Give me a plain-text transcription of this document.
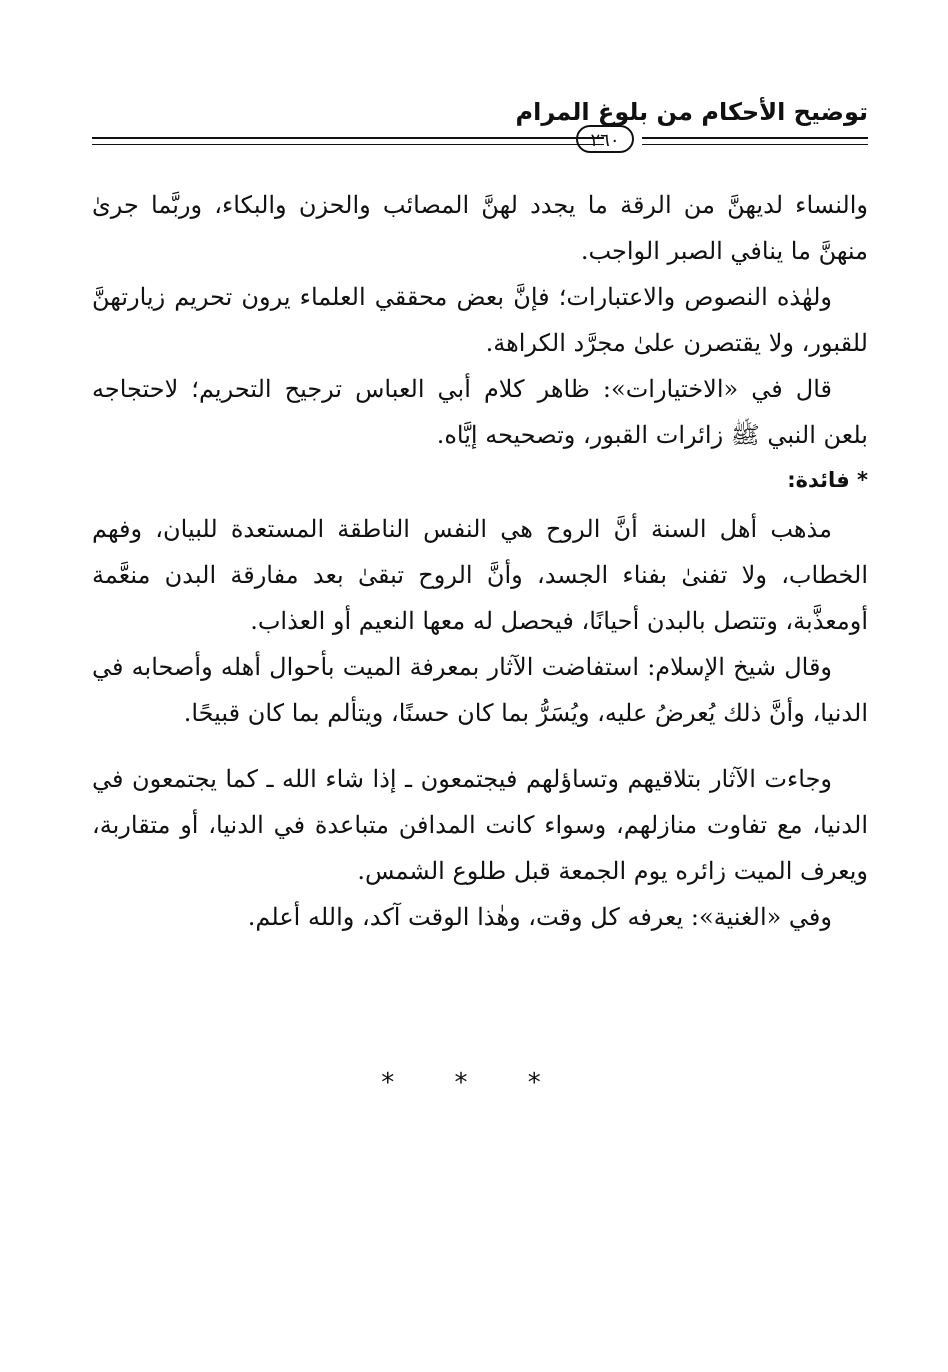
توضيح الأحكام من بلوغ المرام
٢٦٠

والنساء لديهنَّ من الرقة ما يجدد لهنَّ المصائب والحزن والبكاء، وربَّما جرىٰ منهنَّ ما ينافي الصبر الواجب.

ولهٰذه النصوص والاعتبارات؛ فإنَّ بعض محققي العلماء يرون تحريم زيارتهنَّ للقبور، ولا يقتصرن علىٰ مجرَّد الكراهة.

قال في «الاختيارات»: ظاهر كلام أبي العباس ترجيح التحريم؛ لاحتجاجه بلعن النبي ﷺ زائرات القبور، وتصحيحه إيَّاه.

* فائدة:

مذهب أهل السنة أنَّ الروح هي النفس الناطقة المستعدة للبيان، وفهم الخطاب، ولا تفنىٰ بفناء الجسد، وأنَّ الروح تبقىٰ بعد مفارقة البدن منعَّمة أومعذَّبة، وتتصل بالبدن أحيانًا، فيحصل له معها النعيم أو العذاب.

وقال شيخ الإسلام: استفاضت الآثار بمعرفة الميت بأحوال أهله وأصحابه في الدنيا، وأنَّ ذلك يُعرضُ عليه، ويُسَرُّ بما كان حسنًا، ويتألم بما كان قبيحًا.

وجاءت الآثار بتلاقيهم وتساؤلهم فيجتمعون ـ إذا شاء الله ـ كما يجتمعون في الدنيا، مع تفاوت منازلهم، وسواء كانت المدافن متباعدة في الدنيا، أو متقاربة، ويعرف الميت زائره يوم الجمعة قبل طلوع الشمس.

وفي «الغنية»: يعرفه كل وقت، وهٰذا الوقت آكد، والله أعلم.

* * *
